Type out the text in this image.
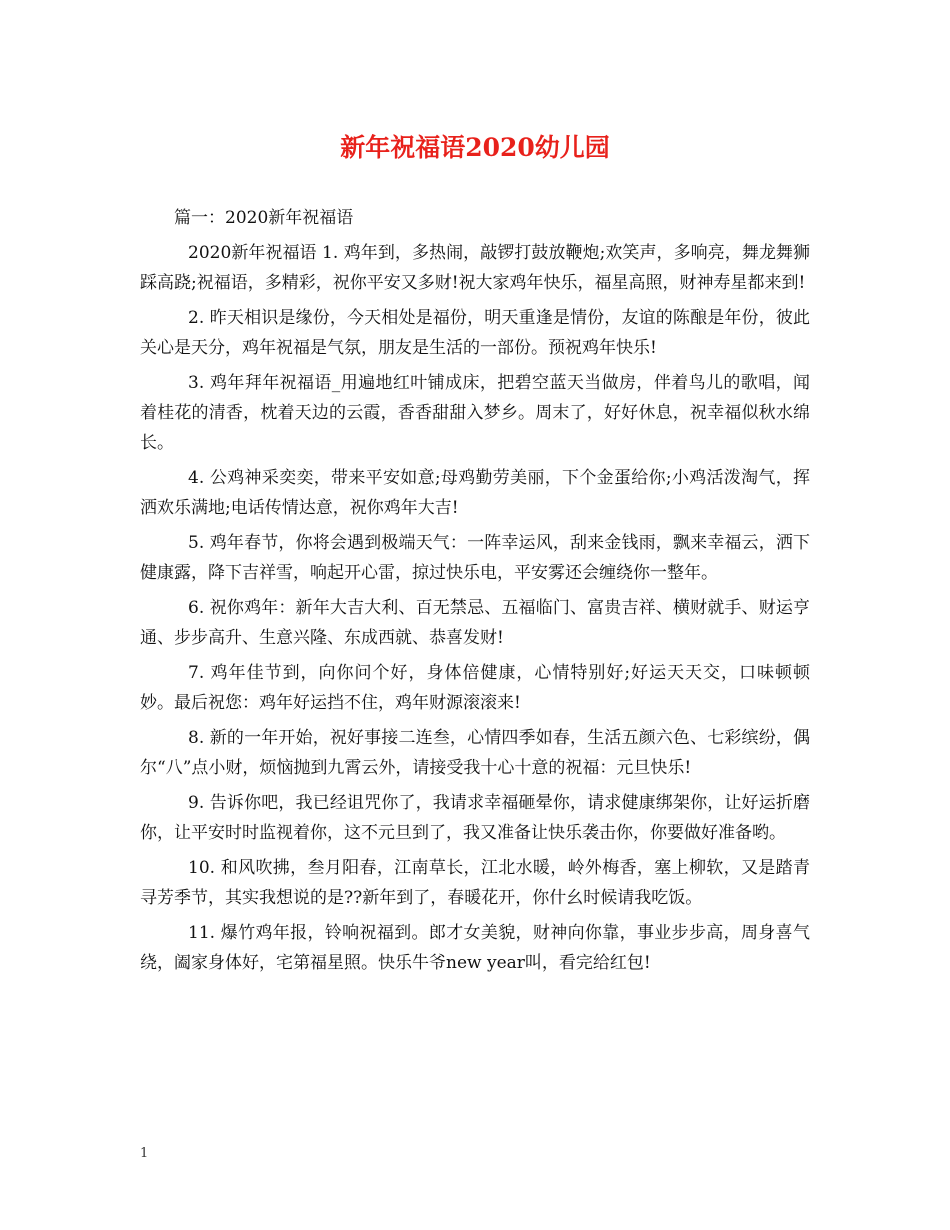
新年祝福语2020幼儿园

篇一：2020新年祝福语

2020新年祝福语 1. 鸡年到，多热闹，敲锣打鼓放鞭炮;欢笑声，多响亮，舞龙舞狮踩高跷;祝福语，多精彩，祝你平安又多财!祝大家鸡年快乐，福星高照，财神寿星都来到!

2. 昨天相识是缘份，今天相处是福份，明天重逢是情份，友谊的陈酿是年份，彼此关心是天分，鸡年祝福是气氛，朋友是生活的一部份。预祝鸡年快乐!

3. 鸡年拜年祝福语_用遍地红叶铺成床，把碧空蓝天当做房，伴着鸟儿的歌唱，闻着桂花的清香，枕着天边的云霞，香香甜甜入梦乡。周末了，好好休息，祝幸福似秋水绵长。

4. 公鸡神采奕奕，带来平安如意;母鸡勤劳美丽，下个金蛋给你;小鸡活泼淘气，挥洒欢乐满地;电话传情达意，祝你鸡年大吉!

5. 鸡年春节，你将会遇到极端天气：一阵幸运风，刮来金钱雨，飘来幸福云，洒下健康露，降下吉祥雪，响起开心雷，掠过快乐电，平安雾还会缠绕你一整年。

6. 祝你鸡年：新年大吉大利、百无禁忌、五福临门、富贵吉祥、横财就手、财运亨通、步步高升、生意兴隆、东成西就、恭喜发财!

7. 鸡年佳节到，向你问个好，身体倍健康，心情特别好;好运天天交，口味顿顿妙。最后祝您：鸡年好运挡不住，鸡年财源滚滚来!

8. 新的一年开始，祝好事接二连叁，心情四季如春，生活五颜六色、七彩缤纷，偶尔“八”点小财，烦恼抛到九霄云外，请接受我十心十意的祝福：元旦快乐!

9. 告诉你吧，我已经诅咒你了，我请求幸福砸晕你，请求健康绑架你，让好运折磨你，让平安时时监视着你，这不元旦到了，我又准备让快乐袭击你，你要做好准备哟。

10. 和风吹拂，叁月阳春，江南草长，江北水暖，岭外梅香，塞上柳软，又是踏青寻芳季节，其实我想说的是??新年到了，春暖花开，你什幺时候请我吃饭。

11. 爆竹鸡年报，铃响祝福到。郎才女美貌，财神向你靠，事业步步高，周身喜气绕，阖家身体好，宅第福星照。快乐牛爷new year叫，看完给红包!

1
